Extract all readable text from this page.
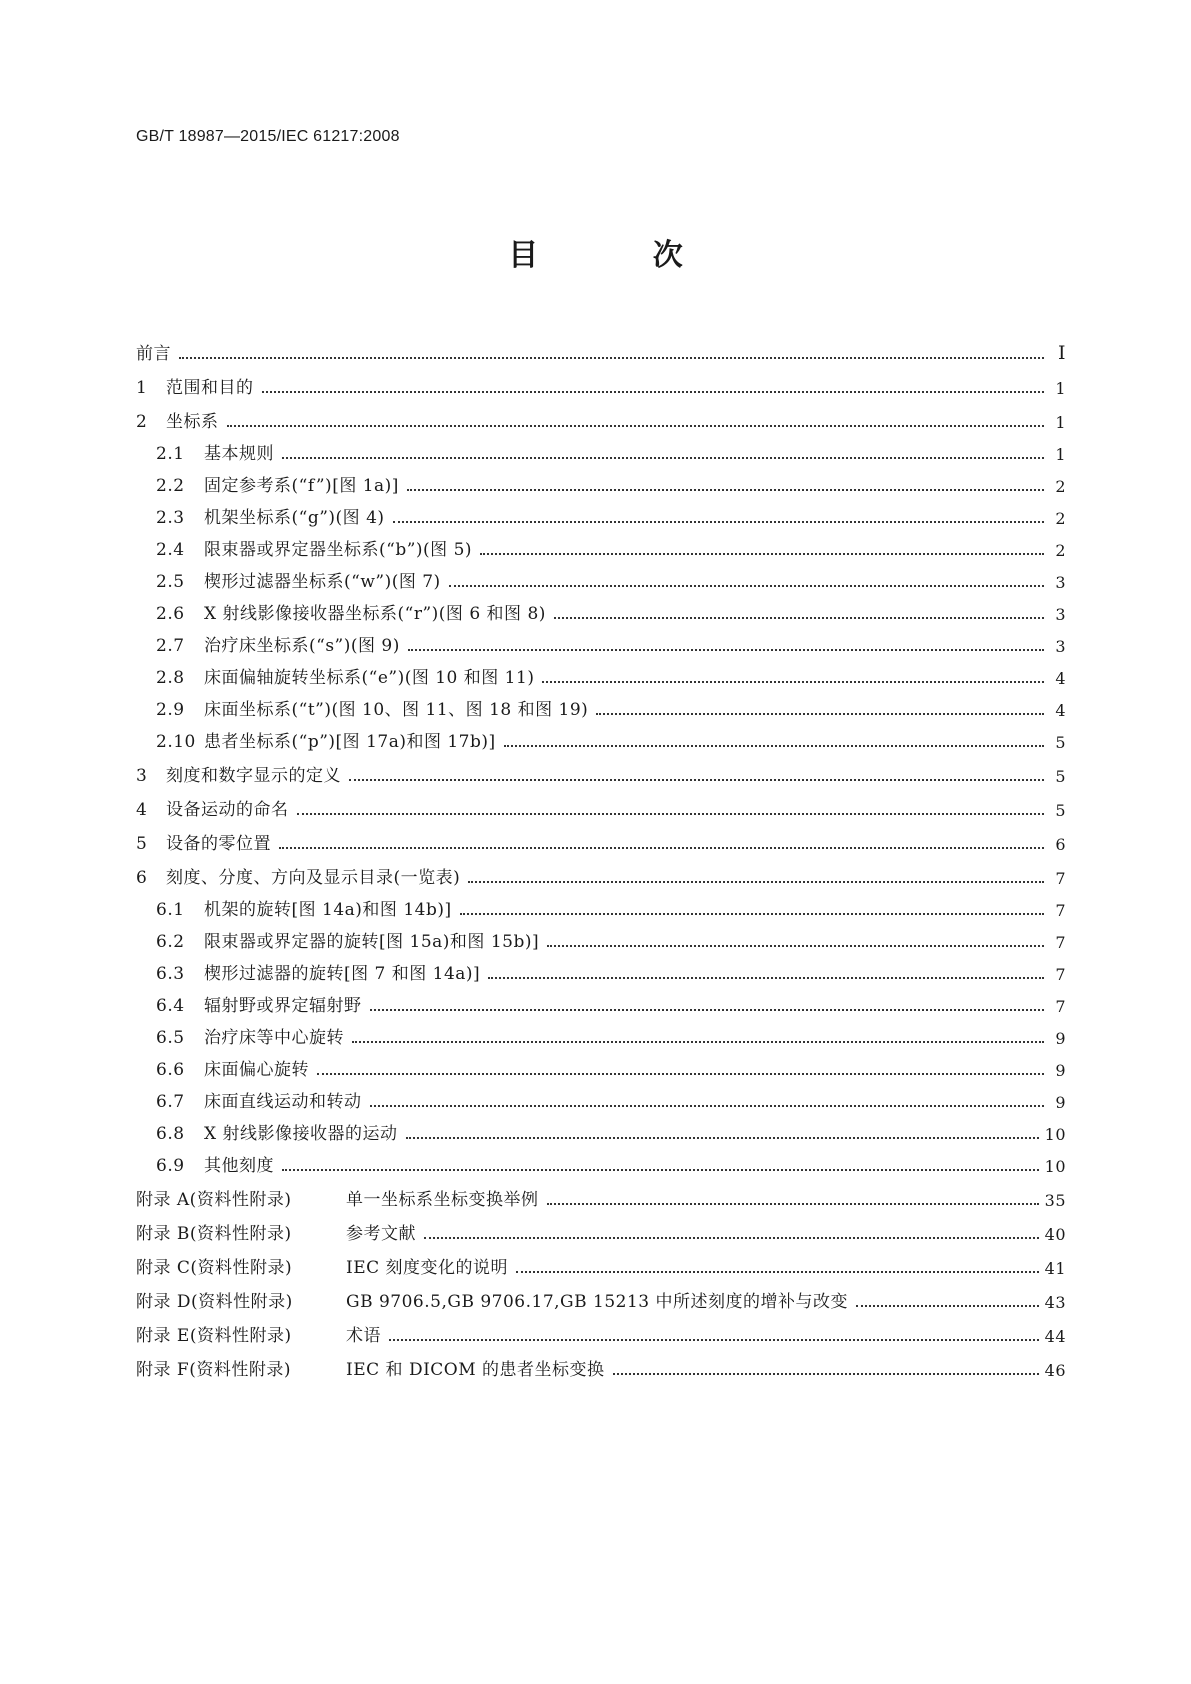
GB/T 18987—2015/IEC 61217:2008
目 次
前言	Ⅰ
1	范围和目的	1
2	坐标系	1
2.1	基本规则	1
2.2	固定参考系(“f”)[图 1a)]	2
2.3	机架坐标系(“g”)(图 4)	2
2.4	限束器或界定器坐标系(“b”)(图 5)	2
2.5	楔形过滤器坐标系(“w”)(图 7)	3
2.6	X 射线影像接收器坐标系(“r”)(图 6 和图 8)	3
2.7	治疗床坐标系(“s”)(图 9)	3
2.8	床面偏轴旋转坐标系(“e”)(图 10 和图 11)	4
2.9	床面坐标系(“t”)(图 10、图 11、图 18 和图 19)	4
2.10 患者坐标系(“p”)[图 17a)和图 17b)]	5
3	刻度和数字显示的定义	5
4	设备运动的命名	5
5	设备的零位置	6
6	刻度、分度、方向及显示目录(一览表)	7
6.1	机架的旋转[图 14a)和图 14b)]	7
6.2	限束器或界定器的旋转[图 15a)和图 15b)]	7
6.3	楔形过滤器的旋转[图 7 和图 14a)]	7
6.4	辐射野或界定辐射野	7
6.5	治疗床等中心旋转	9
6.6	床面偏心旋转	9
6.7	床面直线运动和转动	9
6.8	X 射线影像接收器的运动	10
6.9	其他刻度	10
附录 A(资料性附录)	单一坐标系坐标变换举例	35
附录 B(资料性附录)	参考文献	40
附录 C(资料性附录)	IEC 刻度变化的说明	41
附录 D(资料性附录)	GB 9706.5,GB 9706.17,GB 15213 中所述刻度的增补与改变	43
附录 E(资料性附录)	术语	44
附录 F(资料性附录)	IEC 和 DICOM 的患者坐标变换	46
